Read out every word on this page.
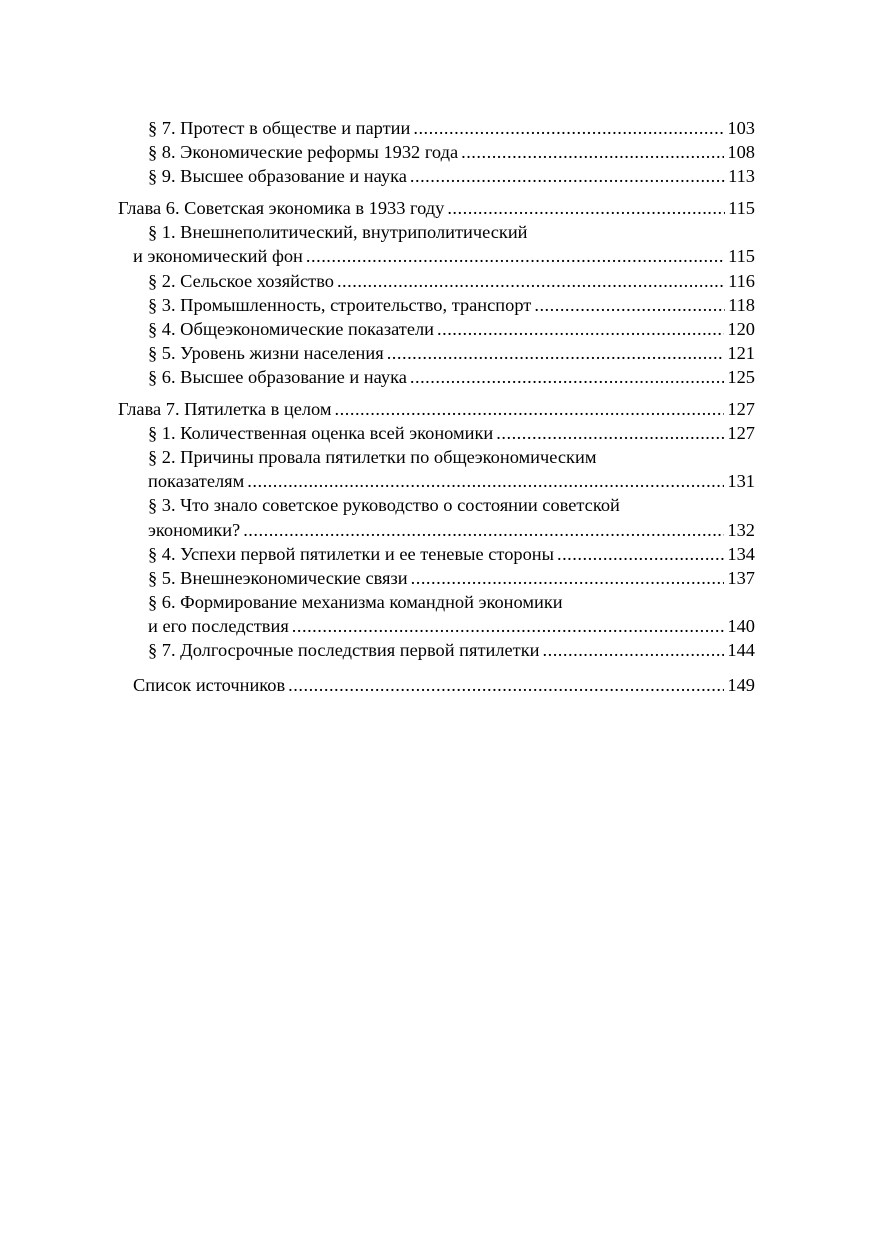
§ 7. Протест в обществе и партии .....	103
§ 8. Экономические реформы 1932 года .....	108
§ 9. Высшее образование и наука .....	113
Глава 6. Советская экономика в 1933 году .....	115
§ 1. Внешнеполитический, внутриполитический
и экономический фон .....	115
§ 2. Сельское хозяйство .....	116
§ 3. Промышленность, строительство, транспорт .....	118
§ 4. Общеэкономические показатели .....	120
§ 5. Уровень жизни населения .....	121
§ 6. Высшее образование и наука .....	125
Глава 7. Пятилетка в целом .....	127
§ 1. Количественная оценка всей экономики .....	127
§ 2. Причины провала пятилетки по общеэкономическим
показателям .....	131
§ 3. Что знало советское руководство о состоянии советской
экономики? .....	132
§ 4. Успехи первой пятилетки и ее теневые стороны .....	134
§ 5. Внешнеэкономические связи .....	137
§ 6. Формирование механизма командной экономики
и его последствия .....	140
§ 7. Долгосрочные последствия первой пятилетки .....	144
Список источников .....	149
